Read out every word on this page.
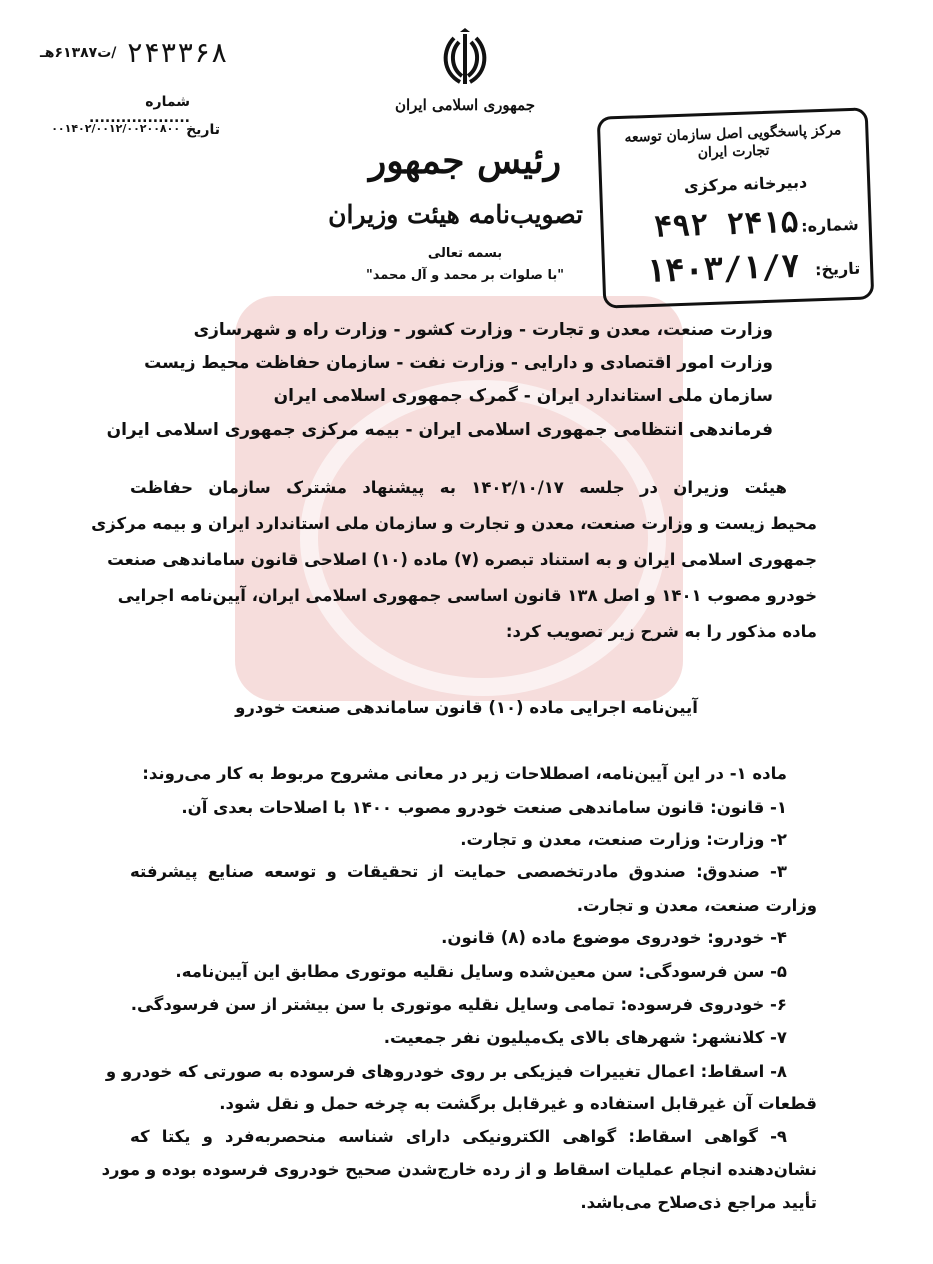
جمهوری اسلامی ایران
رئیس جمهور
تصویب‌نامه هیئت وزیران
بسمه تعالی
"با صلوات بر محمد و آل محمد"
۲۴۳۳۶۸
/ت۶۱۳۸۷هـ
شماره ...................
تاریخ
۰۰۱۴۰۲/۰۰۱۲/۰۰۲۰۰۸۰۰	مرکز پاسخگویی اصل سازمان توسعه تجارت ایران
دبیرخانه مرکزی
شماره:
۲۴۱۵ ۴۹۲
تاریخ:
۱۴۰۳/۱/۷
وزارت صنعت، معدن و تجارت - وزارت کشور - وزارت راه و شهرسازی
وزارت امور اقتصادی و دارایی - وزارت نفت - سازمان حفاظت محیط زیست
سازمان ملی استاندارد ایران - گمرک جمهوری اسلامی ایران
فرماندهی انتظامی جمهوری اسلامی ایران - بیمه مرکزی جمهوری اسلامی ایران
هیئت وزیران در جلسه ۱۴۰۲/۱۰/۱۷ به پیشنهاد مشترک سازمان حفاظت
محیط زیست و وزارت صنعت، معدن و تجارت و سازمان ملی استاندارد ایران و بیمه مرکزی
جمهوری اسلامی ایران و به استناد تبصره (۷) ماده (۱۰) اصلاحی قانون ساماندهی صنعت
خودرو مصوب ۱۴۰۱ و اصل ۱۳۸ قانون اساسی جمهوری اسلامی ایران، آیین‌نامه اجرایی
ماده مذکور را به شرح زیر تصویب کرد:
آیین‌نامه اجرایی ماده (۱۰) قانون ساماندهی صنعت خودرو
ماده ۱- در این آیین‌نامه، اصطلاحات زیر در معانی مشروح مربوط به کار می‌روند:
۱- قانون: قانون ساماندهی صنعت خودرو مصوب ۱۴۰۰ با اصلاحات بعدی آن.
۲- وزارت: وزارت صنعت، معدن و تجارت.
۳- صندوق: صندوق مادرتخصصی حمایت از تحقیقات و توسعه صنایع پیشرفته
وزارت صنعت، معدن و تجارت.
۴- خودرو: خودروی موضوع ماده (۸) قانون.
۵- سن فرسودگی: سن معین‌شده وسایل نقلیه موتوری مطابق این آیین‌نامه.
۶- خودروی فرسوده: تمامی وسایل نقلیه موتوری با سن بیشتر از سن فرسودگی.
۷- کلانشهر: شهرهای بالای یک‌میلیون نفر جمعیت.
۸- اسقاط: اعمال تغییرات فیزیکی بر روی خودروهای فرسوده به صورتی که خودرو و
قطعات آن غیرقابل استفاده و غیرقابل برگشت به چرخه حمل و نقل شود.
۹- گواهی اسقاط: گواهی الکترونیکی دارای شناسه منحصربه‌فرد و یکتا که
نشان‌دهنده انجام عملیات اسقاط و از رده خارج‌شدن صحیح خودروی فرسوده بوده و مورد
تأیید مراجع ذی‌صلاح می‌باشد.
